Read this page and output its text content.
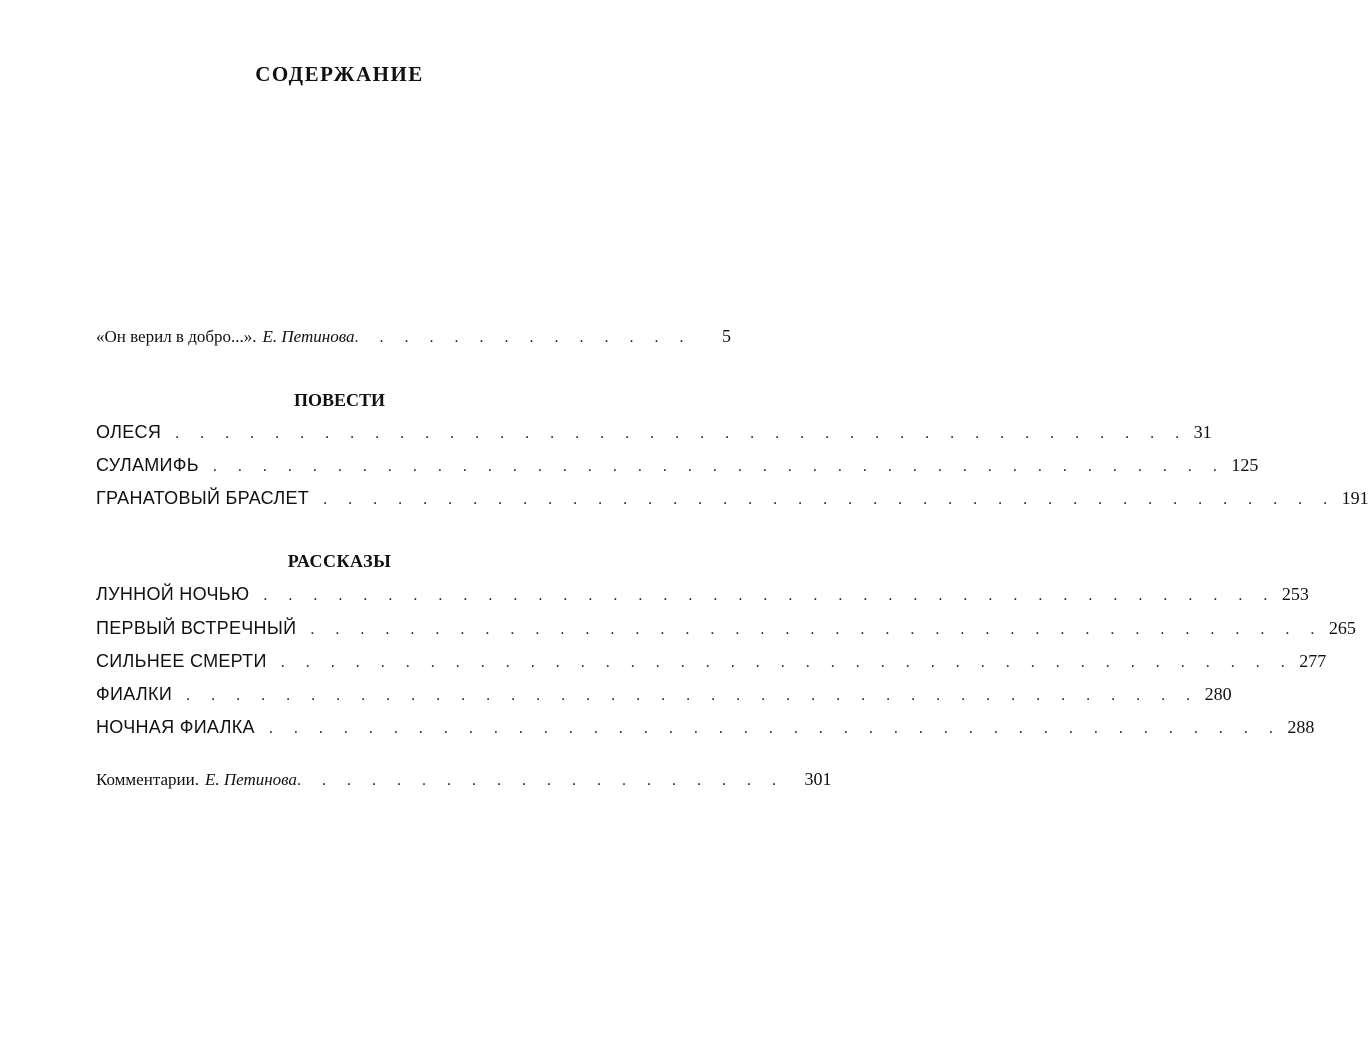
СОДЕРЖАНИЕ
«Он верил в добро...». Е. Петинова . . . . . . . . . . . . . . 5
ПОВЕСТИ
ОЛЕСЯ . . . . . . . . . . . . . . . . . . . . . . . . . . . . . . . . . . . . . . . . . 31
СУЛАМИФЬ . . . . . . . . . . . . . . . . . . . . . . . . . . . . . . . . . . . . . . . . . 125
ГРАНАТОВЫЙ БРАСЛЕТ . . . . . . . . . . . . . . . . . . . . . . . . . . . . . . . . . . . . . . . . . 191
РАССКАЗЫ
ЛУННОЙ НОЧЬЮ . . . . . . . . . . . . . . . . . . . . . . . . . . . . . . . . . . . . . . . . . 253
ПЕРВЫЙ ВСТРЕЧНЫЙ . . . . . . . . . . . . . . . . . . . . . . . . . . . . . . . . . . . . . . . . . 265
СИЛЬНЕЕ СМЕРТИ . . . . . . . . . . . . . . . . . . . . . . . . . . . . . . . . . . . . . . . . . 277
ФИАЛКИ . . . . . . . . . . . . . . . . . . . . . . . . . . . . . . . . . . . . . . . . . 280
НОЧНАЯ ФИАЛКА . . . . . . . . . . . . . . . . . . . . . . . . . . . . . . . . . . . . . . . . . 288
Комментарии. Е. Петинова . . . . . . . . . . . . . . . . . . . . 301
